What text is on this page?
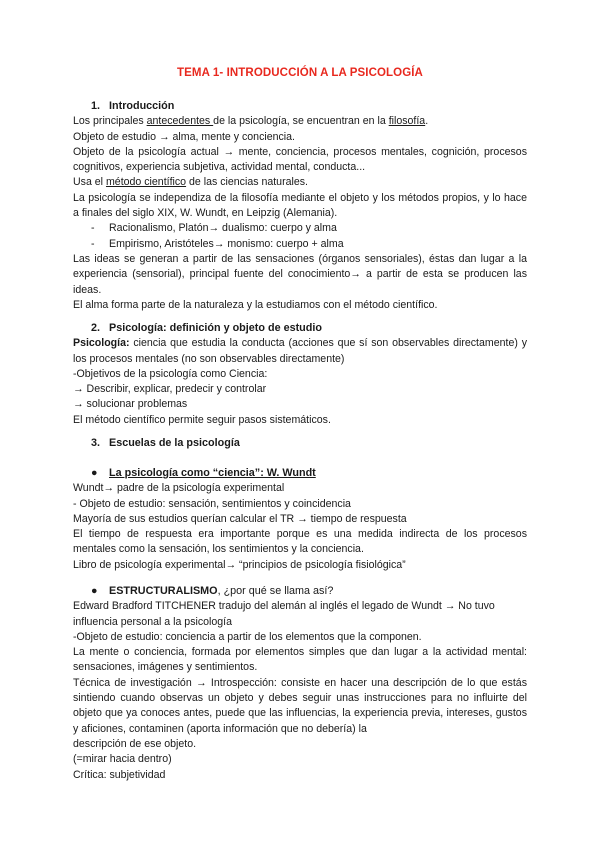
TEMA 1- INTRODUCCIÓN A LA PSICOLOGÍA

1. Introducción

Los principales antecedentes de la psicología, se encuentran en la filosofía.

Objeto de estudio → alma, mente y conciencia.

Objeto de la psicología actual → mente, conciencia, procesos mentales, cognición, procesos cognitivos, experiencia subjetiva, actividad mental, conducta...

Usa el método científico de las ciencias naturales.

La psicología se independiza de la filosofía mediante el objeto y los métodos propios, y lo hace a finales del siglo XIX, W. Wundt, en Leipzig (Alemania).

- Racionalismo, Platón→ dualismo: cuerpo y alma
- Empirismo, Aristóteles→ monismo: cuerpo + alma

Las ideas se generan a partir de las sensaciones (órganos sensoriales), éstas dan lugar a la experiencia (sensorial), principal fuente del conocimiento→ a partir de esta se producen las ideas.

El alma forma parte de la naturaleza y la estudiamos con el método científico.

2. Psicología: definición y objeto de estudio

Psicología: ciencia que estudia la conducta (acciones que sí son observables directamente) y los procesos mentales (no son observables directamente)

-Objetivos de la psicología como Ciencia:

→ Describir, explicar, predecir y controlar

→ solucionar problemas

El método científico permite seguir pasos sistemáticos.

3. Escuelas de la psicología

● La psicología como “ciencia”: W. Wundt

Wundt→ padre de la psicología experimental

- Objeto de estudio: sensación, sentimientos y coincidencia

Mayoría de sus estudios querían calcular el TR → tiempo de respuesta

El tiempo de respuesta era importante porque es una medida indirecta de los procesos mentales como la sensación, los sentimientos y la conciencia.

Libro de psicología experimental→ “principios de psicología fisiológica”

● ESTRUCTURALISMO, ¿por qué se llama así?

Edward Bradford TITCHENER tradujo del alemán al inglés el legado de Wundt → No tuvo influencia personal a la psicología

-Objeto de estudio: conciencia a partir de los elementos que la componen.

La mente o conciencia, formada por elementos simples que dan lugar a la actividad mental: sensaciones, imágenes y sentimientos.

Técnica de investigación → Introspección: consiste en hacer una descripción de lo que estás sintiendo cuando observas un objeto y debes seguir unas instrucciones para no influirte del objeto que ya conoces antes, puede que las influencias, la experiencia previa, intereses, gustos y aficiones, contaminen (aporta información que no debería) la

descripción de ese objeto.

(=mirar hacia dentro)

Crítica: subjetividad
